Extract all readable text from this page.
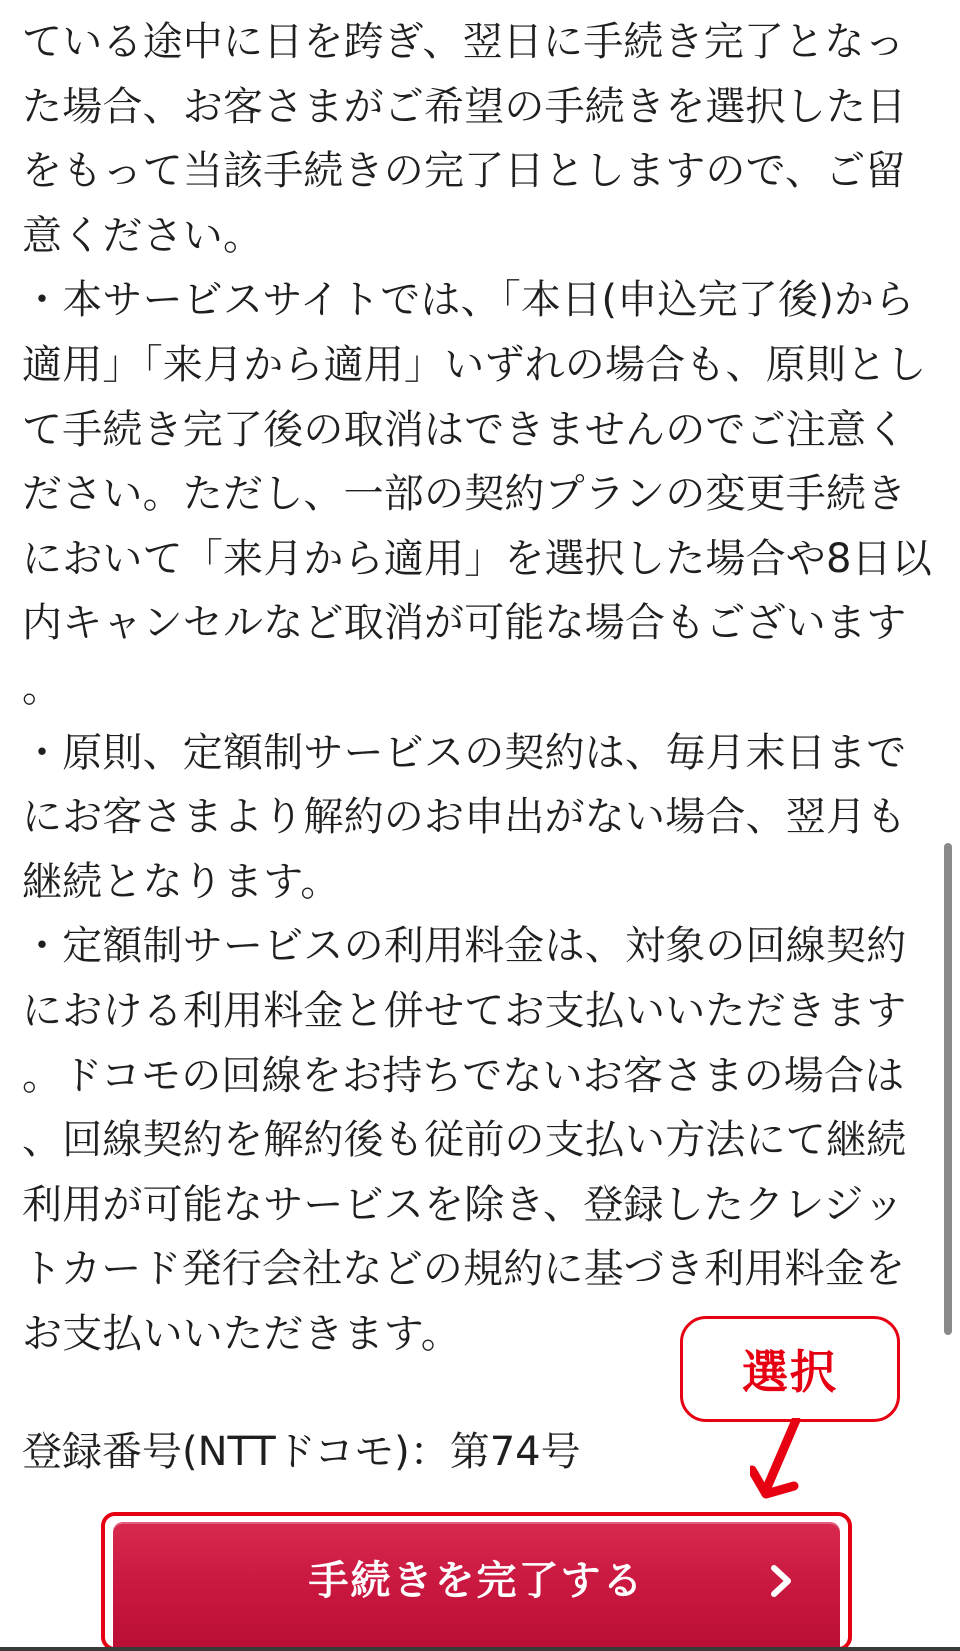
ている途中に日を跨ぎ、翌日に手続き完了となった場合、お客さまがご希望の手続きを選択した日をもって当該手続きの完了日としますので、ご留意ください。

・本サービスサイトでは、「本日(申込完了後)から適用」「来月から適用」いずれの場合も、原則として手続き完了後の取消はできませんのでご注意ください。ただし、一部の契約プランの変更手続きにおいて「来月から適用」を選択した場合や8日以内キャンセルなど取消が可能な場合もございます。

・原則、定額制サービスの契約は、毎月末日までにお客さまより解約のお申出がない場合、翌月も継続となります。

・定額制サービスの利用料金は、対象の回線契約における利用料金と併せてお支払いいただきます。ドコモの回線をお持ちでないお客さまの場合は、回線契約を解約後も従前の支払い方法にて継続利用が可能なサービスを除き、登録したクレジットカード発行会社などの規約に基づき利用料金をお支払いいただきます。

登録番号(NTTドコモ)：第74号

選択
手続きを完了する
